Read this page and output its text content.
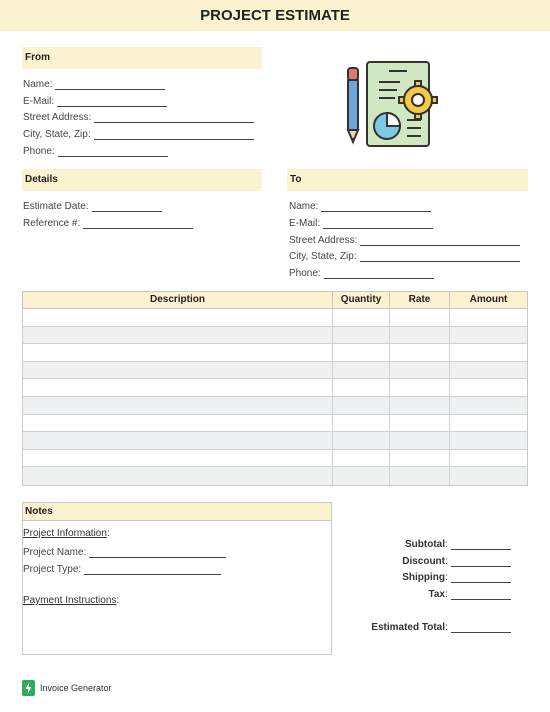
PROJECT ESTIMATE
From
Name:
E-Mail:
Street Address:
City, State, Zip:
Phone:
Details
Estimate Date:
Reference #:
To
Name:
E-Mail:
Street Address:
City, State, Zip:
Phone:
Description	Quantity	Rate	Amount
Notes
Project Information:
Project Name:
Project Type:
Payment Instructions:
Subtotal :
Discount :
Shipping :
Tax :
Estimated Total :
Invoice Generator
